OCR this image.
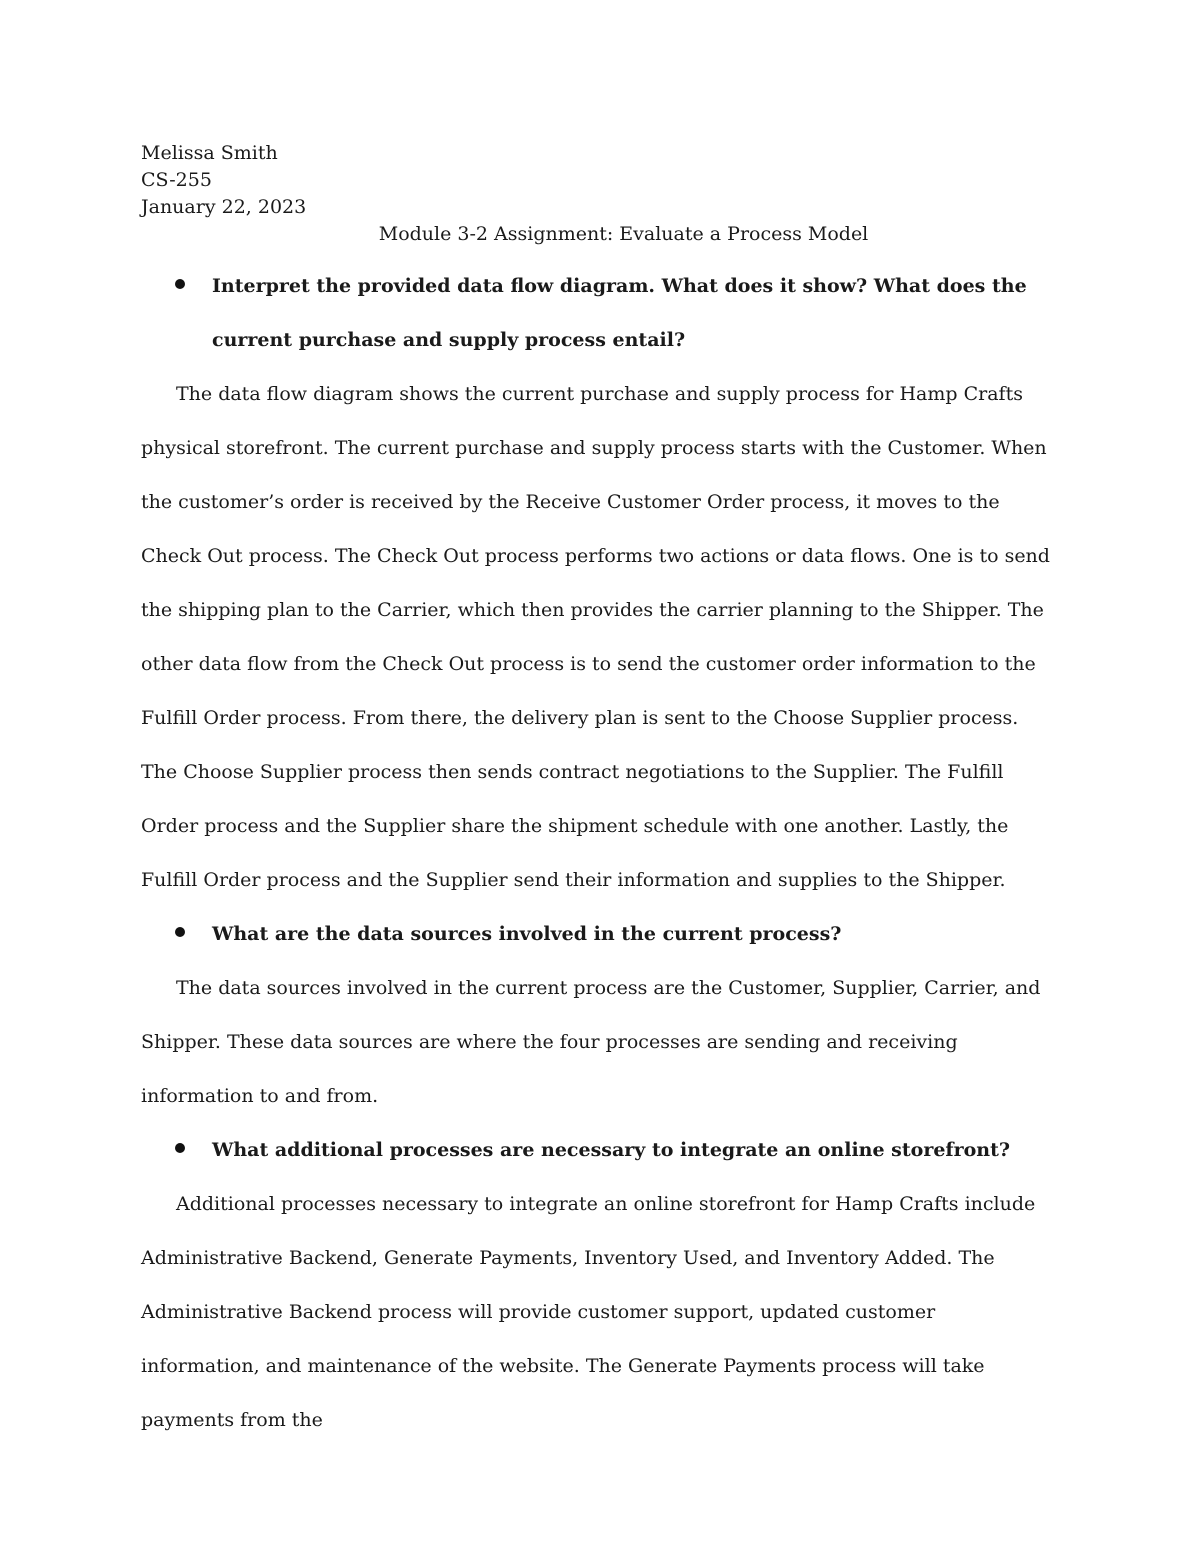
Melissa Smith

CS-255

January 22, 2023

Module 3-2 Assignment: Evaluate a Process Model

Interpret the provided data flow diagram. What does it show? What does the current purchase and supply process entail?

The data flow diagram shows the current purchase and supply process for Hamp Crafts physical storefront. The current purchase and supply process starts with the Customer. When the customer’s order is received by the Receive Customer Order process, it moves to the Check Out process. The Check Out process performs two actions or data flows. One is to send the shipping plan to the Carrier, which then provides the carrier planning to the Shipper. The other data flow from the Check Out process is to send the customer order information to the Fulfill Order process. From there, the delivery plan is sent to the Choose Supplier process. The Choose Supplier process then sends contract negotiations to the Supplier. The Fulfill Order process and the Supplier share the shipment schedule with one another. Lastly, the Fulfill Order process and the Supplier send their information and supplies to the Shipper.

What are the data sources involved in the current process?

The data sources involved in the current process are the Customer, Supplier, Carrier, and Shipper. These data sources are where the four processes are sending and receiving information to and from.

What additional processes are necessary to integrate an online storefront?

Additional processes necessary to integrate an online storefront for Hamp Crafts include Administrative Backend, Generate Payments, Inventory Used, and Inventory Added. The Administrative Backend process will provide customer support, updated customer information, and maintenance of the website. The Generate Payments process will take payments from the
